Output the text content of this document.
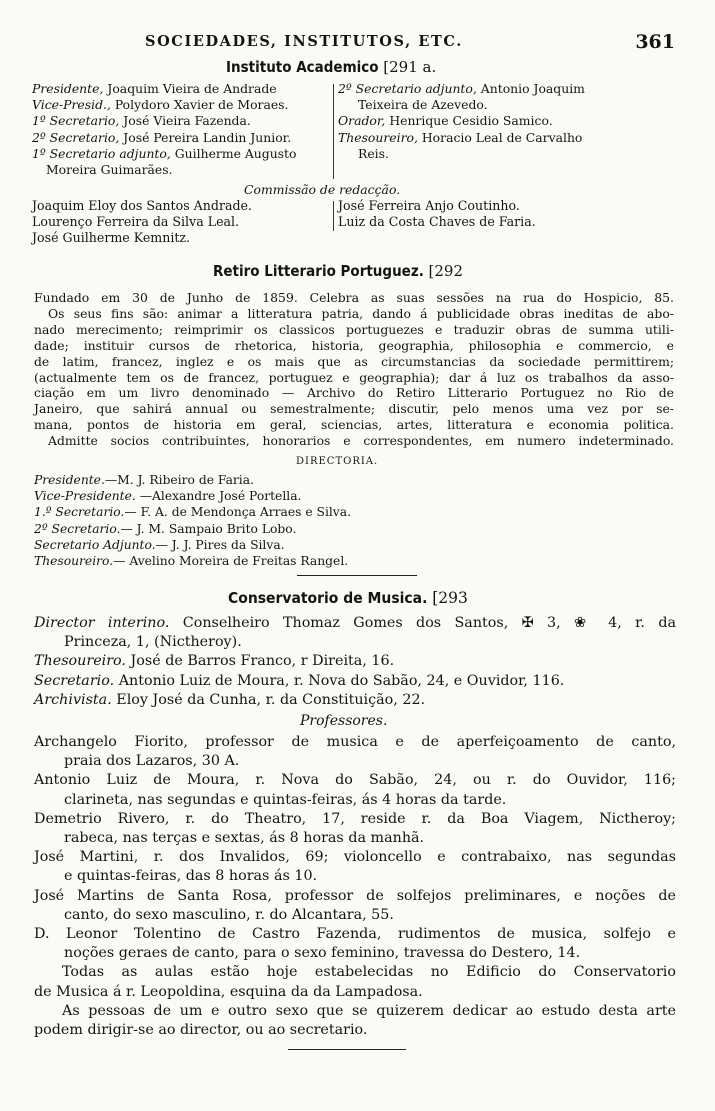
SOCIEDADES, INSTITUTOS, ETC.	361
Instituto Academico [291 a.
Presidente, Joaquim Vieira de Andrade
Vice-Presid., Polydoro Xavier de Moraes.
1º Secretario, José Vieira Fazenda.
2º Secretario, José Pereira Landin Junior.
1º Secretario adjunto, Guilherme Augusto
Moreira Guimarães.
2º Secretario adjunto, Antonio Joaquim
Teixeira de Azevedo.
Orador, Henrique Cesidio Samico.
Thesoureiro, Horacio Leal de Carvalho
Reis.
Commissão de redacção.
Joaquim Eloy dos Santos Andrade.
Lourenço Ferreira da Silva Leal.
José Guilherme Kemnitz.
José Ferreira Anjo Coutinho.
Luiz da Costa Chaves de Faria.
Retiro Litterario Portuguez. [292
Fundado em 30 de Junho de 1859. Celebra as suas sessões na rua do Hospicio, 85.
Os seus fins são: animar a litteratura patria, dando á publicidade obras ineditas de abo-
nado merecimento; reimprimir os classicos portuguezes e traduzir obras de summa utili-
dade; instituir cursos de rhetorica, historia, geographia, philosophia e commercio, e
de latim, francez, inglez e os mais que as circumstancias da sociedade permittirem;
(actualmente tem os de francez, portuguez e geographia); dar á luz os trabalhos da asso-
ciação em um livro denominado — Archivo do Retiro Litterario Portuguez no Rio de
Janeiro, que sahirá annual ou semestralmente; discutir, pelo menos uma vez por se-
mana, pontos de historia em geral, sciencias, artes, litteratura e economia politica.
Admitte socios contribuintes, honorarios e correspondentes, em numero indeterminado.
DIRECTORIA.
Presidente.—M. J. Ribeiro de Faria.
Vice-Presidente. —Alexandre José Portella.
1.º Secretario.— F. A. de Mendonça Arraes e Silva.
2º Secretario.— J. M. Sampaio Brito Lobo.
Secretario Adjunto.— J. J. Pires da Silva.
Thesoureiro.— Avelino Moreira de Freitas Rangel.
Conservatorio de Musica. [293
Director interino. Conselheiro Thomaz Gomes dos Santos, ✠ 3, ❀ 4, r. da
Princeza, 1, (Nictheroy).
Thesoureiro. José de Barros Franco, r Direita, 16.
Secretario. Antonio Luiz de Moura, r. Nova do Sabão, 24, e Ouvidor, 116.
Archivista. Eloy José da Cunha, r. da Constituição, 22.
Professores.
Archangelo Fiorito, professor de musica e de aperfeiçoamento de canto,
praia dos Lazaros, 30 A.
Antonio Luiz de Moura, r. Nova do Sabão, 24, ou r. do Ouvidor, 116;
clarineta, nas segundas e quintas-feiras, ás 4 horas da tarde.
Demetrio Rivero, r. do Theatro, 17, reside r. da Boa Viagem, Nictheroy;
rabeca, nas terças e sextas, ás 8 horas da manhã.
José Martini, r. dos Invalidos, 69; violoncello e contrabaixo, nas segundas
e quintas-feiras, das 8 horas ás 10.
José Martins de Santa Rosa, professor de solfejos preliminares, e noções de
canto, do sexo masculino, r. do Alcantara, 55.
D. Leonor Tolentino de Castro Fazenda, rudimentos de musica, solfejo e
noções geraes de canto, para o sexo feminino, travessa do Destero, 14.
Todas as aulas estão hoje estabelecidas no Edificio do Conservatorio
de Musica á r. Leopoldina, esquina da da Lampadosa.
As pessoas de um e outro sexo que se quizerem dedicar ao estudo desta arte
podem dirigir-se ao director, ou ao secretario.
